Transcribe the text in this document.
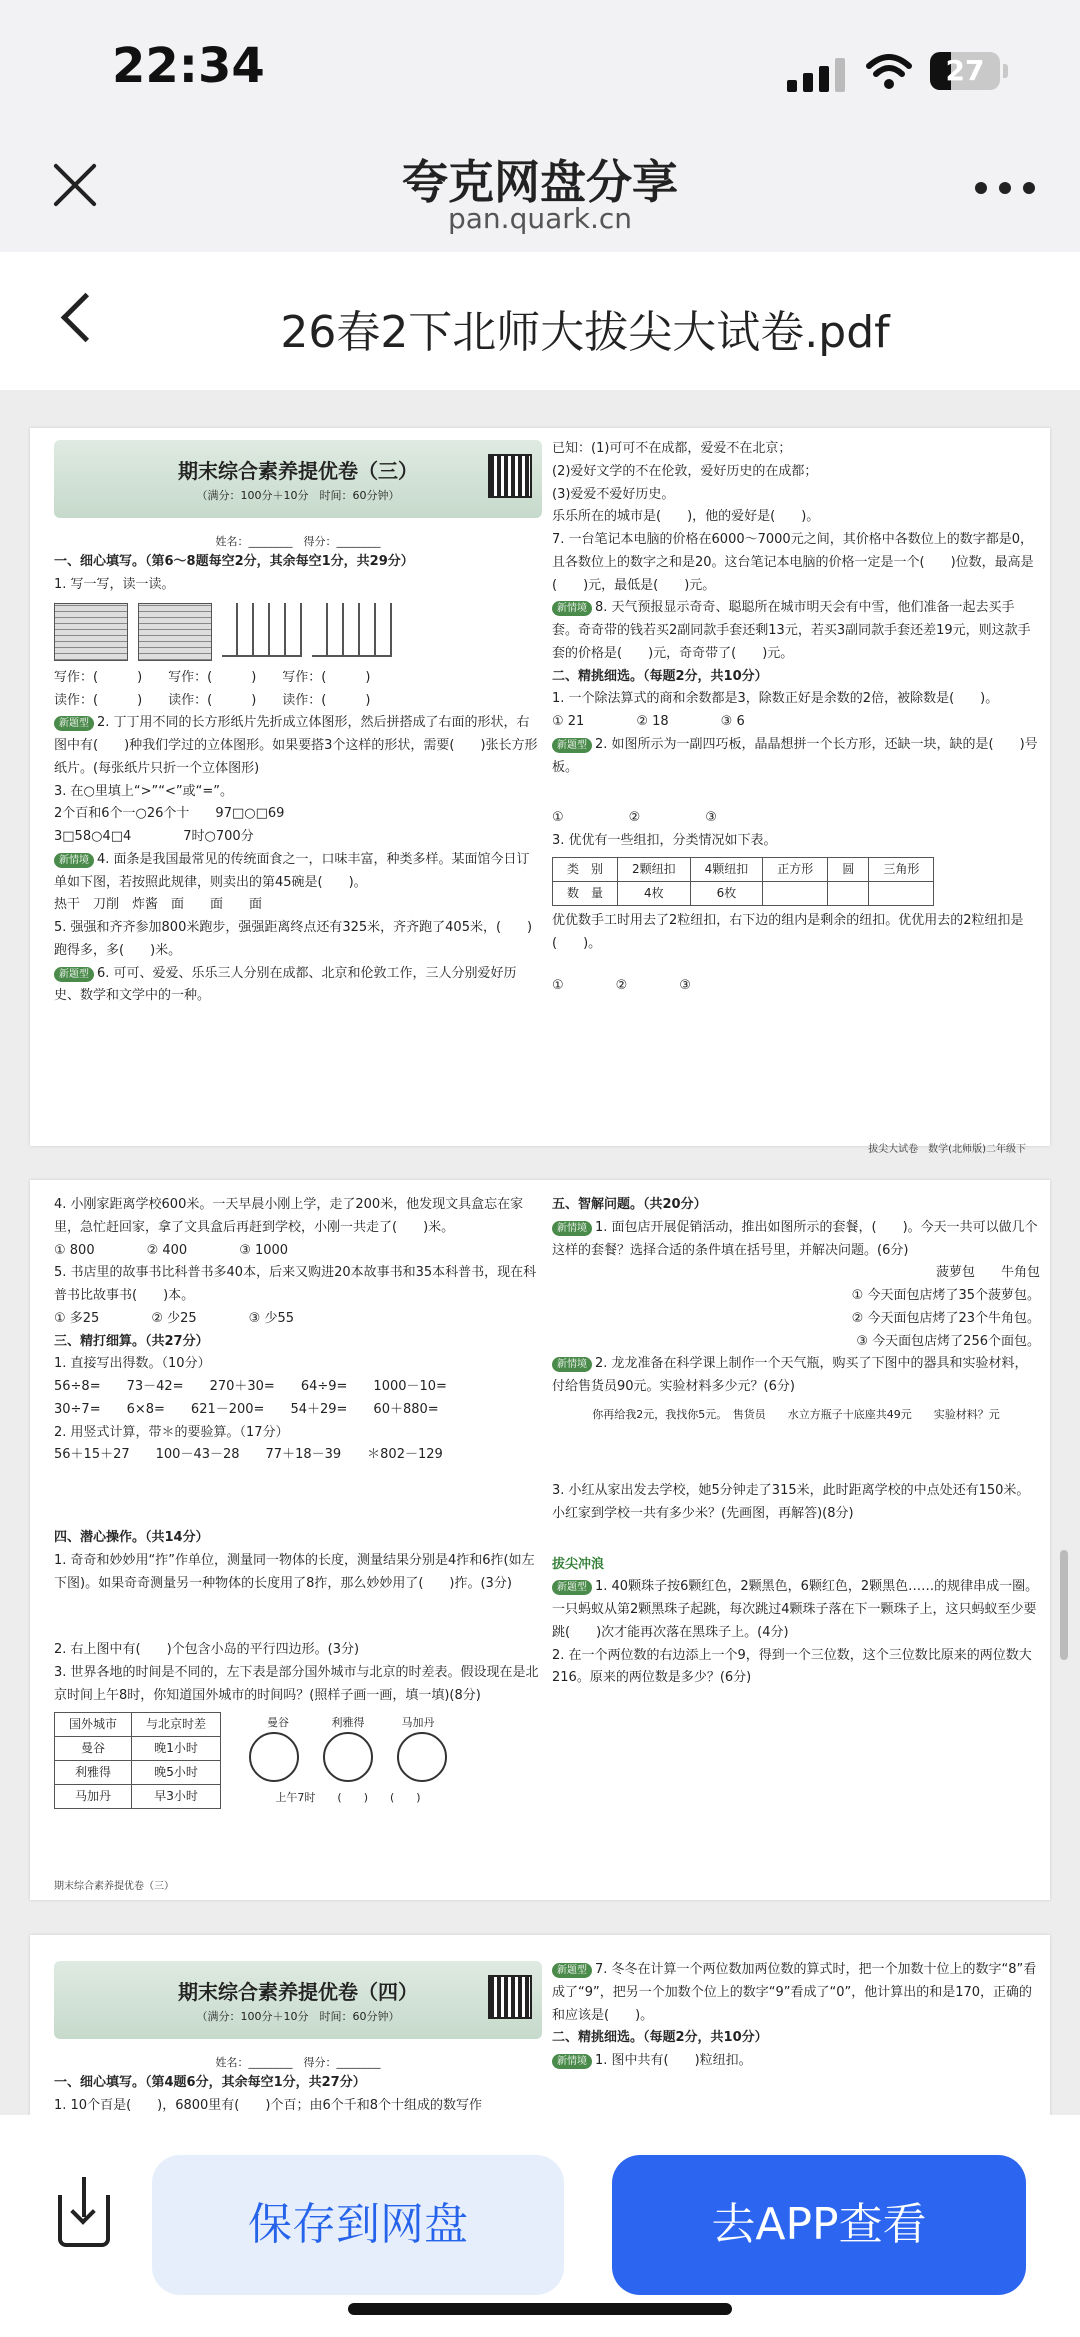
22:34	27
夸克网盘分享
pan.quark.cn
26春2下北师大拔尖大试卷.pdf
期末综合素养提优卷（三）
（满分：100分＋10分　时间：60分钟）

姓名：________　得分：________

一、细心填写。（第6～8题每空2分，其余每空1分，共29分）

1. 写一写，读一读。

写作：(　　　)　　写作：(　　　)　　写作：(　　　)

读作：(　　　)　　读作：(　　　)　　读作：(　　　)

新题型 2. 丁丁用不同的长方形纸片先折成立体图形，然后拼搭成了右面的形状，右图中有(　　)种我们学过的立体图形。如果要搭3个这样的形状，需要(　　)张长方形纸片。(每张纸片只折一个立体图形)

3. 在○里填上“>”“<”或“=”。

2个百和6个一○26个十　　97□○□69

3□58○4□4　　　　7时○700分

新情境 4. 面条是我国最常见的传统面食之一，口味丰富，种类多样。某面馆今日订单如下图，若按照此规律，则卖出的第45碗是(　　)。

热干　刀削　炸酱　面　　面　　面

5. 强强和齐齐参加800米跑步，强强距离终点还有325米，齐齐跑了405米，(　　)跑得多，多(　　)米。

新题型 6. 可可、爱爱、乐乐三人分别在成都、北京和伦敦工作，三人分别爱好历史、数学和文学中的一种。

已知：(1)可可不在成都，爱爱不在北京；

(2)爱好文学的不在伦敦，爱好历史的在成都；

(3)爱爱不爱好历史。

乐乐所在的城市是(　　)，他的爱好是(　　)。

7. 一台笔记本电脑的价格在6000～7000元之间，其价格中各数位上的数字都是0，且各数位上的数字之和是20。这台笔记本电脑的价格一定是一个(　　)位数，最高是(　　)元，最低是(　　)元。

新情境 8. 天气预报显示奇奇、聪聪所在城市明天会有中雪，他们准备一起去买手套。奇奇带的钱若买2副同款手套还剩13元，若买3副同款手套还差19元，则这款手套的价格是(　　)元，奇奇带了(　　)元。

二、精挑细选。（每题2分，共10分）

1. 一个除法算式的商和余数都是3，除数正好是余数的2倍，被除数是(　　)。

① 21　　　　② 18　　　　③ 6

新题型 2. 如图所示为一副四巧板，晶晶想拼一个长方形，还缺一块，缺的是(　　)号板。

①　　　　　②　　　　　③

3. 优优有一些组扣，分类情况如下表。

类　别	2颗纽扣	4颗纽扣	正方形	圆	三角形
数　量	4枚	6枚			

优优数手工时用去了2粒纽扣，右下边的组内是剩余的纽扣。优优用去的2粒纽扣是(　　)。

①　　　　②　　　　③

拔尖大试卷　数学(北师版)二年级下

4. 小刚家距离学校600米。一天早晨小刚上学，走了200米，他发现文具盒忘在家里，急忙赶回家，拿了文具盒后再赶到学校，小刚一共走了(　　)米。

① 800　　　　② 400　　　　③ 1000

5. 书店里的故事书比科普书多40本，后来又购进20本故事书和35本科普书，现在科普书比故事书(　　)本。

① 多25　　　　② 少25　　　　③ 少55

三、精打细算。（共27分）

1. 直接写出得数。（10分）

56÷8=　　73－42=　　270＋30=　　64÷9=　　1000－10=

30÷7=　　6×8=　　621－200=　　54＋29=　　60＋880=

2. 用竖式计算，带＊的要验算。（17分）

56＋15＋27　　100－43－28　　77＋18－39　　＊802－129

四、潜心操作。（共14分）

1. 奇奇和妙妙用“拃”作单位，测量同一物体的长度，测量结果分别是4拃和6拃(如左下图)。如果奇奇测量另一种物体的长度用了8拃，那么妙妙用了(　　)拃。(3分)

2. 右上图中有(　　)个包含小岛的平行四边形。(3分)

3. 世界各地的时间是不同的，左下表是部分国外城市与北京的时差表。假设现在是北京时间上午8时，你知道国外城市的时间吗？(照样子画一画，填一填)(8分)

国外城市	与北京时差
曼谷	晚1小时
利雅得	晚5小时
马加丹	早3小时
曼谷	利雅得	马加丹
上午7时　　(　　)　　(　　)

五、智解问题。（共20分）

新情境 1. 面包店开展促销活动，推出如图所示的套餐，(　　)。今天一共可以做几个这样的套餐？选择合适的条件填在括号里，并解决问题。(6分)

菠萝包　　牛角包

① 今天面包店烤了35个菠萝包。

② 今天面包店烤了23个牛角包。

③ 今天面包店烤了256个面包。

新情境 2. 龙龙准备在科学课上制作一个天气瓶，购买了下图中的器具和实验材料，付给售货员90元。实验材料多少元？(6分)

你再给我2元，我找你5元。　售货员　　水立方瓶子十底座共49元　　实验材料？元

3. 小红从家出发去学校，她5分钟走了315米，此时距离学校的中点处还有150米。小红家到学校一共有多少米？(先画图，再解答)(8分)

拔尖冲浪

新题型 1. 40颗珠子按6颗红色，2颗黑色，6颗红色，2颗黑色……的规律串成一圈。一只蚂蚁从第2颗黑珠子起跳，每次跳过4颗珠子落在下一颗珠子上，这只蚂蚁至少要跳(　　)次才能再次落在黑珠子上。(4分)

2. 在一个两位数的右边添上一个9，得到一个三位数，这个三位数比原来的两位数大216。原来的两位数是多少？(6分)

期末综合素养提优卷（三）
期末综合素养提优卷（四）
（满分：100分＋10分　时间：60分钟）

姓名：________　得分：________

一、细心填写。（第4题6分，其余每空1分，共27分）

1. 10个百是(　　)，6800里有(　　)个百；由6个千和8个十组成的数写作

新题型 7. 冬冬在计算一个两位数加两位数的算式时，把一个加数十位上的数字“8”看成了“9”，把另一个加数个位上的数字“9”看成了“0”，他计算出的和是170，正确的和应该是(　　)。

二、精挑细选。（每题2分，共10分）

新情境 1. 图中共有(　　)粒纽扣。

保存到网盘	去APP查看
